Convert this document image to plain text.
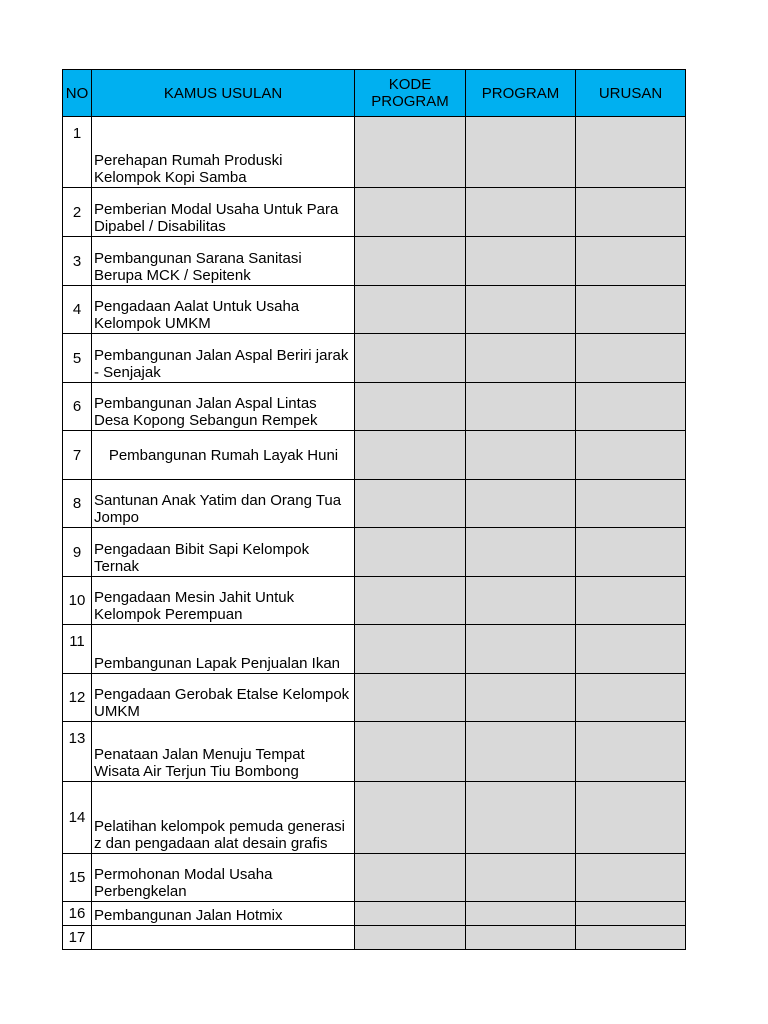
NO	KAMUS USULAN	KODE PROGRAM	PROGRAM	URUSAN
1	Perehapan Rumah Produski Kelompok Kopi Samba			
2	Pemberian Modal Usaha Untuk Para Dipabel / Disabilitas			
3	Pembangunan Sarana Sanitasi Berupa MCK / Sepitenk			
4	Pengadaan Aalat Untuk Usaha Kelompok UMKM			
5	Pembangunan Jalan Aspal Beriri jarak - Senjajak			
6	Pembangunan Jalan Aspal Lintas Desa Kopong Sebangun Rempek			
7	Pembangunan Rumah Layak Huni			
8	Santunan Anak Yatim dan Orang Tua Jompo			
9	Pengadaan Bibit Sapi Kelompok Ternak			
10	Pengadaan Mesin Jahit Untuk Kelompok Perempuan			
11	Pembangunan Lapak Penjualan Ikan			
12	Pengadaan Gerobak Etalse Kelompok UMKM			
13	Penataan Jalan Menuju Tempat Wisata Air Terjun Tiu Bombong			
14	Pelatihan kelompok pemuda generasi z dan pengadaan alat desain grafis			
15	Permohonan Modal Usaha Perbengkelan			
16	Pembangunan Jalan Hotmix			
17				
